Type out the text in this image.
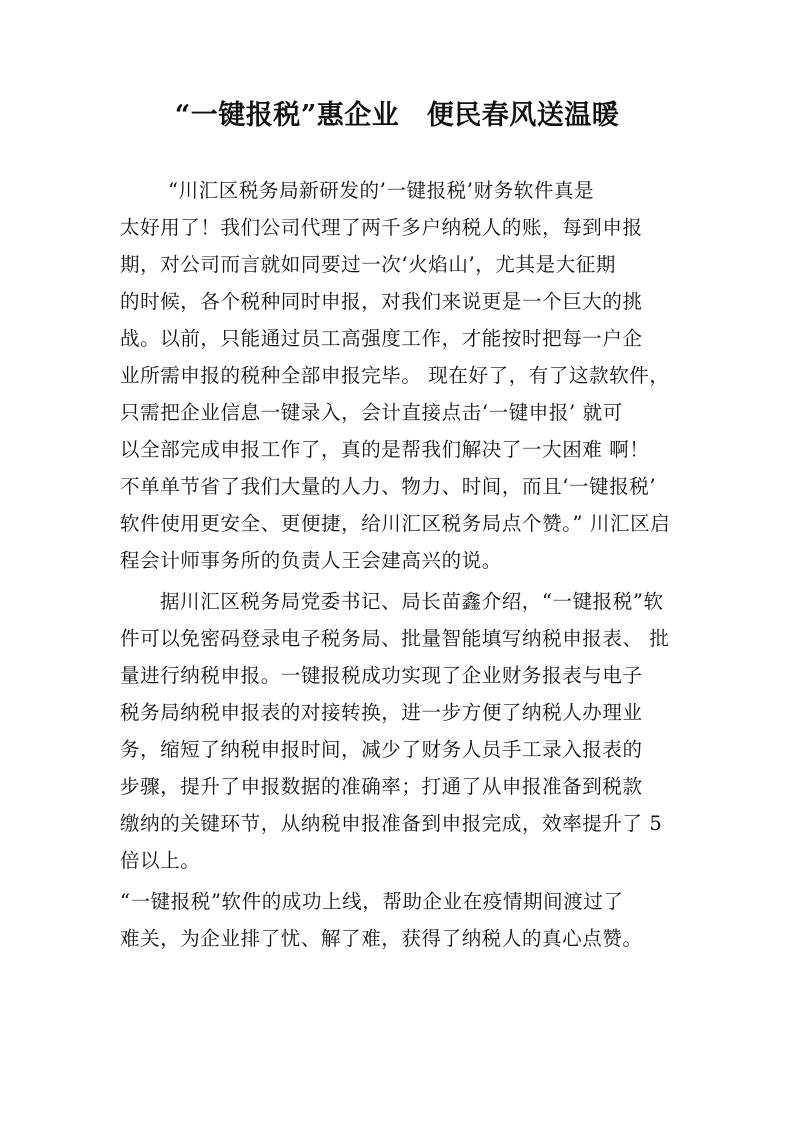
“一键报税”惠企业　便民春风送温暖
“川汇区税务局新研发的’一键报税’财务软件真是
太好用了！我们公司代理了两千多户纳税人的账，每到申报
期，对公司而言就如同要过一次‘火焰山’，尤其是大征期
的时候，各个税种同时申报，对我们来说更是一个巨大的挑
战。以前，只能通过员工高强度工作，才能按时把每一户企
业所需申报的税种全部申报完毕。 现在好了，有了这款软件，
只需把企业信息一键录入，会计直接点击‘一键申报’ 就可
以全部完成申报工作了，真的是帮我们解决了一大困难 啊！
不单单节省了我们大量的人力、物力、时间，而且‘一键报税’
软件使用更安全、更便捷，给川汇区税务局点个赞。” 川汇区启
程会计师事务所的负责人王会建高兴的说。
据川汇区税务局党委书记、局长苗鑫介绍，“一键报税”软
件可以免密码登录电子税务局、批量智能填写纳税申报表、 批
量进行纳税申报。一键报税成功实现了企业财务报表与电子
税务局纳税申报表的对接转换，进一步方便了纳税人办理业
务，缩短了纳税申报时间，减少了财务人员手工录入报表的
步骤，提升了申报数据的准确率；打通了从申报准备到税款
缴纳的关键环节，从纳税申报准备到申报完成，效率提升了 5
倍以上。
“一键报税”软件的成功上线，帮助企业在疫情期间渡过了
难关，为企业排了忧、解了难，获得了纳税人的真心点赞。
